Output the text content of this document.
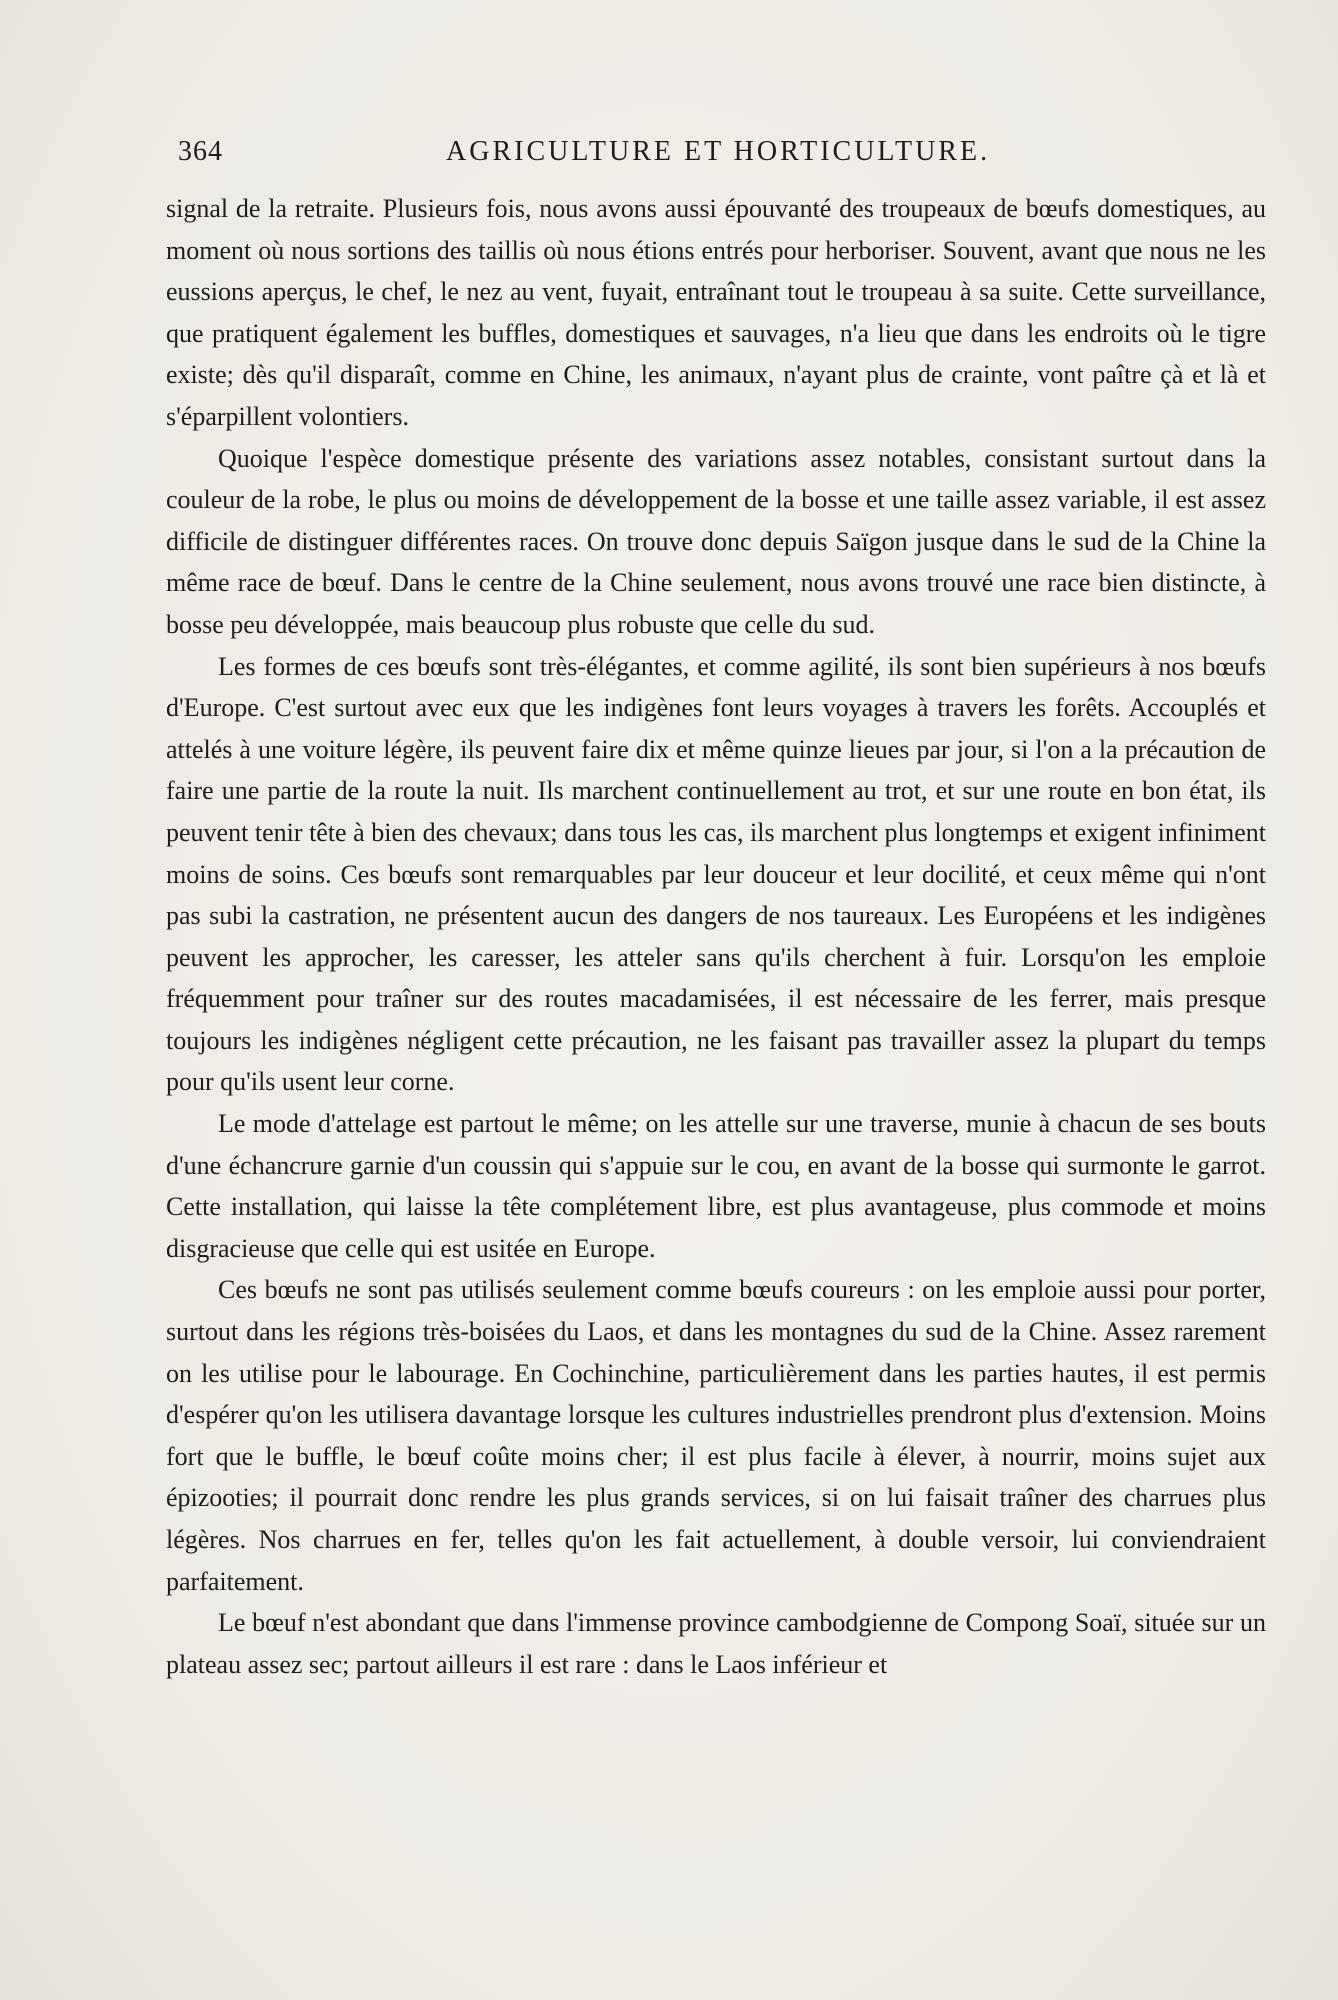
364	AGRICULTURE ET HORTICULTURE.

signal de la retraite. Plusieurs fois, nous avons aussi épouvanté des troupeaux de bœufs domestiques, au moment où nous sortions des taillis où nous étions entrés pour herboriser. Souvent, avant que nous ne les eussions aperçus, le chef, le nez au vent, fuyait, entraînant tout le troupeau à sa suite. Cette surveillance, que pratiquent également les buffles, domestiques et sauvages, n'a lieu que dans les endroits où le tigre existe; dès qu'il disparaît, comme en Chine, les animaux, n'ayant plus de crainte, vont paître çà et là et s'éparpillent volontiers.

Quoique l'espèce domestique présente des variations assez notables, consistant surtout dans la couleur de la robe, le plus ou moins de développement de la bosse et une taille assez variable, il est assez difficile de distinguer différentes races. On trouve donc depuis Saïgon jusque dans le sud de la Chine la même race de bœuf. Dans le centre de la Chine seulement, nous avons trouvé une race bien distincte, à bosse peu développée, mais beaucoup plus robuste que celle du sud.

Les formes de ces bœufs sont très-élégantes, et comme agilité, ils sont bien supérieurs à nos bœufs d'Europe. C'est surtout avec eux que les indigènes font leurs voyages à travers les forêts. Accouplés et attelés à une voiture légère, ils peuvent faire dix et même quinze lieues par jour, si l'on a la précaution de faire une partie de la route la nuit. Ils marchent continuellement au trot, et sur une route en bon état, ils peuvent tenir tête à bien des chevaux; dans tous les cas, ils marchent plus longtemps et exigent infiniment moins de soins. Ces bœufs sont remarquables par leur douceur et leur docilité, et ceux même qui n'ont pas subi la castration, ne présentent aucun des dangers de nos taureaux. Les Européens et les indigènes peuvent les approcher, les caresser, les atteler sans qu'ils cherchent à fuir. Lorsqu'on les emploie fréquemment pour traîner sur des routes macadamisées, il est nécessaire de les ferrer, mais presque toujours les indigènes négligent cette précaution, ne les faisant pas travailler assez la plupart du temps pour qu'ils usent leur corne.

Le mode d'attelage est partout le même; on les attelle sur une traverse, munie à chacun de ses bouts d'une échancrure garnie d'un coussin qui s'appuie sur le cou, en avant de la bosse qui surmonte le garrot. Cette installation, qui laisse la tête complétement libre, est plus avantageuse, plus commode et moins disgracieuse que celle qui est usitée en Europe.

Ces bœufs ne sont pas utilisés seulement comme bœufs coureurs : on les emploie aussi pour porter, surtout dans les régions très-boisées du Laos, et dans les montagnes du sud de la Chine. Assez rarement on les utilise pour le labourage. En Cochinchine, particulièrement dans les parties hautes, il est permis d'espérer qu'on les utilisera davantage lorsque les cultures industrielles prendront plus d'extension. Moins fort que le buffle, le bœuf coûte moins cher; il est plus facile à élever, à nourrir, moins sujet aux épizooties; il pourrait donc rendre les plus grands services, si on lui faisait traîner des charrues plus légères. Nos charrues en fer, telles qu'on les fait actuellement, à double versoir, lui conviendraient parfaitement.

Le bœuf n'est abondant que dans l'immense province cambodgienne de Compong Soaï, située sur un plateau assez sec; partout ailleurs il est rare : dans le Laos inférieur et
